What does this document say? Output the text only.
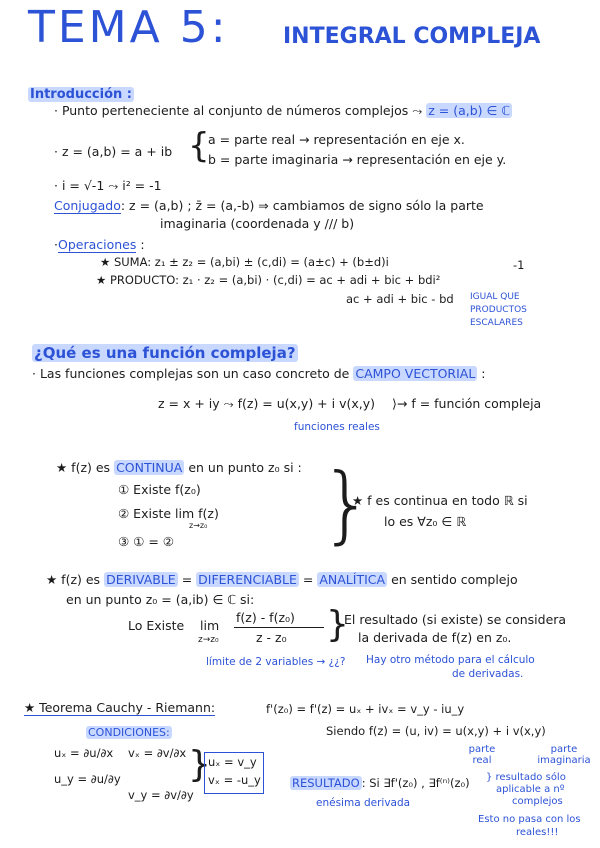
TEMA 5: INTEGRAL COMPLEJA
Introducción :
· Punto perteneciente al conjunto de números complejos ⤳ z = (a,b) ∈ ℂ
· z = (a,b) = a + ib {
a = parte real → representación en eje x.
b = parte imaginaria → representación en eje y.
· i = √-1 ⤳ i² = -1
Conjugado: z = (a,b) ; z̄ = (a,-b) ⇒ cambiamos de signo sólo la parte
imaginaria (coordenada y /// b)
·Operaciones :
★ SUMA: z₁ ± z₂ = (a,bi) ± (c,di) = (a±c) + (b±d)i
★ PRODUCTO: z₁ · z₂ = (a,bi) · (c,di) = ac + adi + bic + bdi²
-1
ac + adi + bic - bd IGUAL QUE PRODUCTOS ESCALARES
¿Qué es una función compleja?
· Las funciones complejas son un caso concreto de CAMPO VECTORIAL :
z = x + iy ⤳ f(z) = u(x,y) + i v(x,y) ⟩→ f = función compleja
funciones reales
★ f(z) es CONTINUA en un punto z₀ si :
① Existe f(z₀)
② Existe lim f(z)
z→z₀
③ ① = ② }
★ f es continua en todo ℝ si
lo es ∀z₀ ∈ ℝ
★ f(z) es DERIVABLE = DIFERENCIABLE = ANALÍTICA en sentido complejo
en un punto z₀ = (a,ib) ∈ ℂ si:
Lo Existe lim
z→z₀
f(z) - f(z₀)
z - z₀ }
El resultado (si existe) se considera
la derivada de f(z) en z₀.
límite de 2 variables → ¿¿? Hay otro método para el cálculo
de derivadas.
★ Teorema Cauchy - Riemann:	f'(z₀) = f'(z) = uₓ + ivₓ = v_y - iu_y
CONDICIONES:
uₓ = ∂u/∂x vₓ = ∂v/∂x
u_y = ∂u/∂y
v_y = ∂v/∂y
}
uₓ = v_y
vₓ = -u_y
Siendo f(z) = (u, iv) = u(x,y) + i v(x,y)
parte real
parte imaginaria
RESULTADO : Si ∃f'(z₀) , ∃f⁽ⁿ⁾(z₀) } resultado sólo
aplicable a nº
complejos
enésima derivada
Esto no pasa con los
reales!!!
